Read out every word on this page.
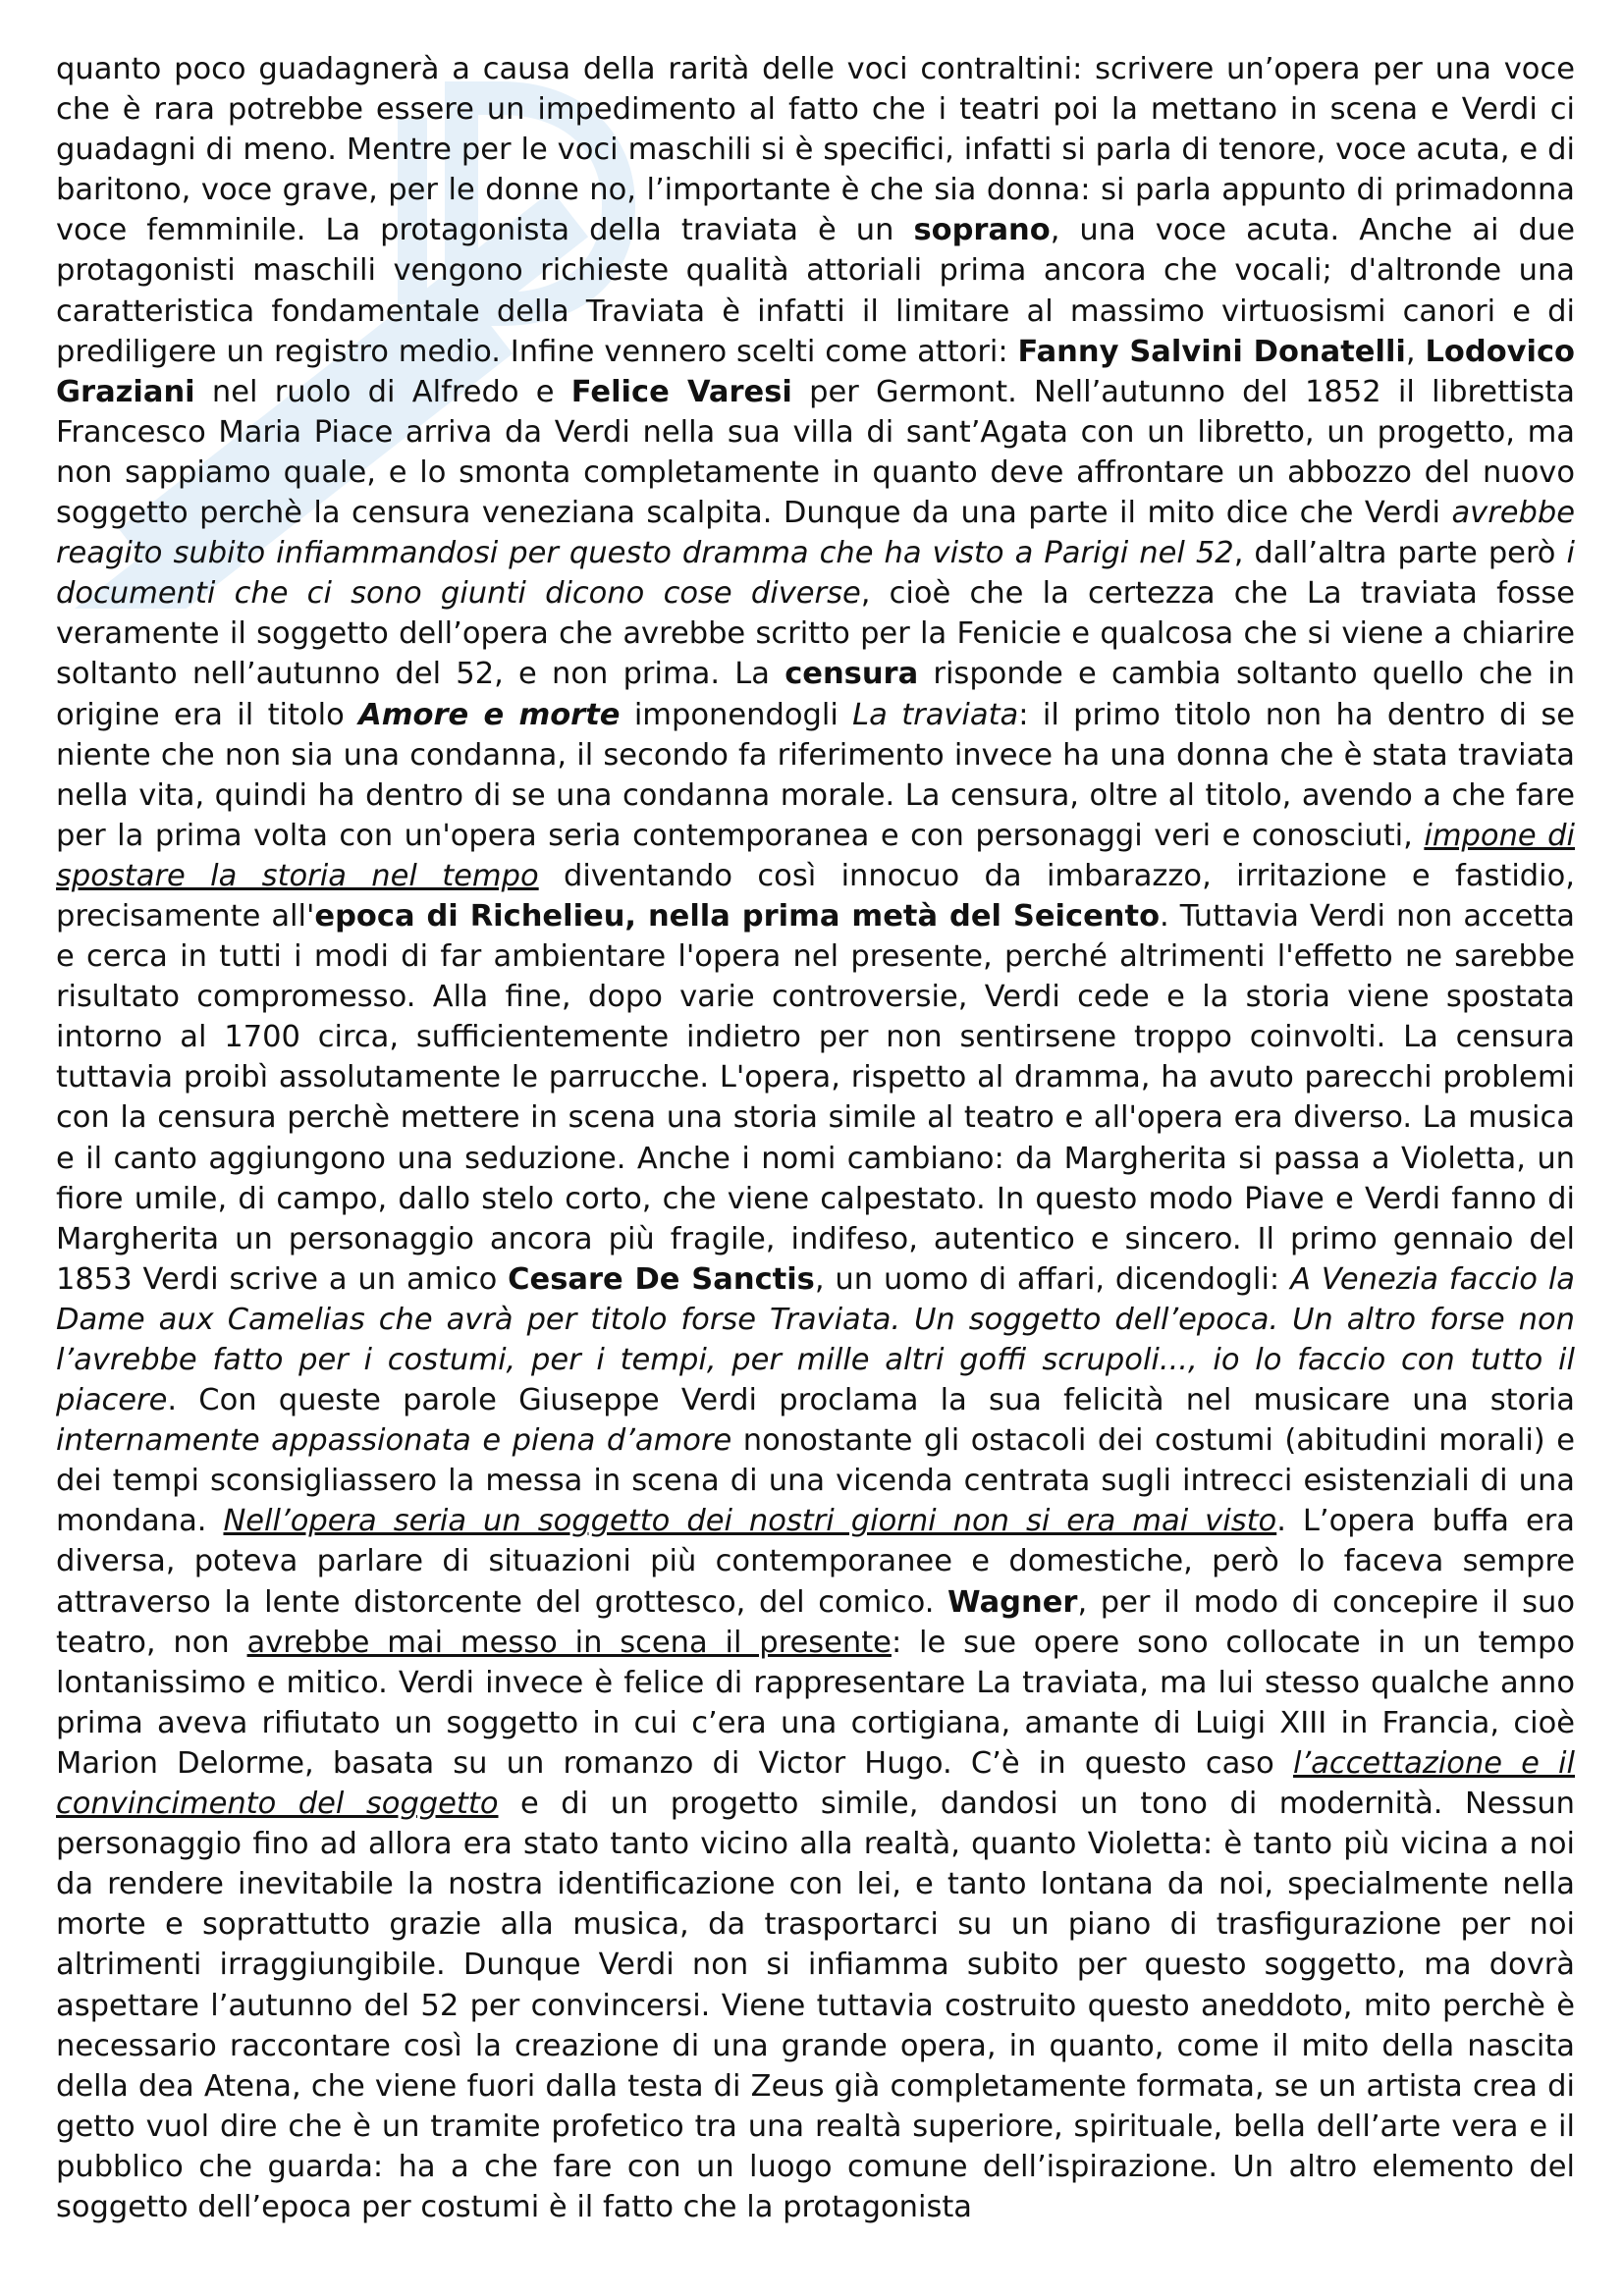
quanto poco guadagnerà a causa della rarità delle voci contraltini: scrivere un’opera per una voce che è rara potrebbe essere un impedimento al fatto che i teatri poi la mettano in scena e Verdi ci guadagni di meno. Mentre per le voci maschili si è specifici, infatti si parla di tenore, voce acuta, e di baritono, voce grave, per le donne no, l’importante è che sia donna: si parla appunto di primadonna voce femminile. La protagonista della traviata è un soprano, una voce acuta. Anche ai due protagonisti maschili vengono richieste qualità attoriali prima ancora che vocali; d'altronde una caratteristica fondamentale della Traviata è infatti il limitare al massimo virtuosismi canori e di prediligere un registro medio. Infine vennero scelti come attori: Fanny Salvini Donatelli, Lodovico Graziani nel ruolo di Alfredo e Felice Varesi per Germont. Nell’autunno del 1852 il librettista Francesco Maria Piace arriva da Verdi nella sua villa di sant’Agata con un libretto, un progetto, ma non sappiamo quale, e lo smonta completamente in quanto deve affrontare un abbozzo del nuovo soggetto perchè la censura veneziana scalpita. Dunque da una parte il mito dice che Verdi avrebbe reagito subito infiammandosi per questo dramma che ha visto a Parigi nel 52, dall’altra parte però i documenti che ci sono giunti dicono cose diverse, cioè che la certezza che La traviata fosse veramente il soggetto dell’opera che avrebbe scritto per la Fenicie e qualcosa che si viene a chiarire soltanto nell’autunno del 52, e non prima. La censura risponde e cambia soltanto quello che in origine era il titolo Amore e morte imponendogli La traviata: il primo titolo non ha dentro di se niente che non sia una condanna, il secondo fa riferimento invece ha una donna che è stata traviata nella vita, quindi ha dentro di se una condanna morale. La censura, oltre al titolo, avendo a che fare per la prima volta con un'opera seria contemporanea e con personaggi veri e conosciuti, impone di spostare la storia nel tempo diventando così innocuo da imbarazzo, irritazione e fastidio, precisamente all'epoca di Richelieu, nella prima metà del Seicento. Tuttavia Verdi non accetta e cerca in tutti i modi di far ambientare l'opera nel presente, perché altrimenti l'effetto ne sarebbe risultato compromesso. Alla fine, dopo varie controversie, Verdi cede e la storia viene spostata intorno al 1700 circa, sufficientemente indietro per non sentirsene troppo coinvolti. La censura tuttavia proibì assolutamente le parrucche. L'opera, rispetto al dramma, ha avuto parecchi problemi con la censura perchè mettere in scena una storia simile al teatro e all'opera era diverso. La musica e il canto aggiungono una seduzione. Anche i nomi cambiano: da Margherita si passa a Violetta, un fiore umile, di campo, dallo stelo corto, che viene calpestato. In questo modo Piave e Verdi fanno di Margherita un personaggio ancora più fragile, indifeso, autentico e sincero. Il primo gennaio del 1853 Verdi scrive a un amico Cesare De Sanctis, un uomo di affari, dicendogli: A Venezia faccio la Dame aux Camelias che avrà per titolo forse Traviata. Un soggetto dell’epoca. Un altro forse non l’avrebbe fatto per i costumi, per i tempi, per mille altri goffi scrupoli..., io lo faccio con tutto il piacere. Con queste parole Giuseppe Verdi proclama la sua felicità nel musicare una storia internamente appassionata e piena d’amore nonostante gli ostacoli dei costumi (abitudini morali) e dei tempi sconsigliassero la messa in scena di una vicenda centrata sugli intrecci esistenziali di una mondana. Nell’opera seria un soggetto dei nostri giorni non si era mai visto. L’opera buffa era diversa, poteva parlare di situazioni più contemporanee e domestiche, però lo faceva sempre attraverso la lente distorcente del grottesco, del comico. Wagner, per il modo di concepire il suo teatro, non avrebbe mai messo in scena il presente: le sue opere sono collocate in un tempo lontanissimo e mitico. Verdi invece è felice di rappresentare La traviata, ma lui stesso qualche anno prima aveva rifiutato un soggetto in cui c’era una cortigiana, amante di Luigi XIII in Francia, cioè Marion Delorme, basata su un romanzo di Victor Hugo. C’è in questo caso l’accettazione e il convincimento del soggetto e di un progetto simile, dandosi un tono di modernità. Nessun personaggio fino ad allora era stato tanto vicino alla realtà, quanto Violetta: è tanto più vicina a noi da rendere inevitabile la nostra identificazione con lei, e tanto lontana da noi, specialmente nella morte e soprattutto grazie alla musica, da trasportarci su un piano di trasfigurazione per noi altrimenti irraggiungibile. Dunque Verdi non si infiamma subito per questo soggetto, ma dovrà aspettare l’autunno del 52 per convincersi. Viene tuttavia costruito questo aneddoto, mito perchè è necessario raccontare così la creazione di una grande opera, in quanto, come il mito della nascita della dea Atena, che viene fuori dalla testa di Zeus già completamente formata, se un artista crea di getto vuol dire che è un tramite profetico tra una realtà superiore, spirituale, bella dell’arte vera e il pubblico che guarda: ha a che fare con un luogo comune dell’ispirazione. Un altro elemento del soggetto dell’epoca per costumi è il fatto che la protagonista
